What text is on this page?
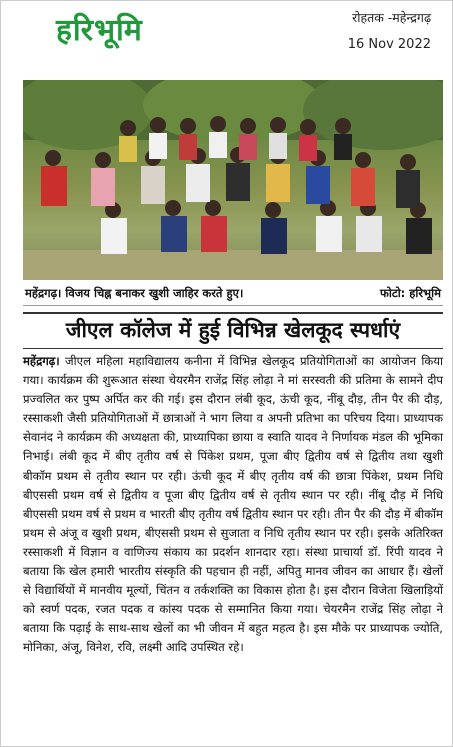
हरिभूमि	रोहतक -महेन्द्रगढ़
16 Nov 2022
महेंद्रगढ़। विजय चिह्न बनाकर खुशी जाहिर करते हुए।	फोटो: हरिभूमि
जीएल कॉलेज में हुई विभिन्न खेलकूद स्पर्धाएं
महेंद्रगढ़। जीएल महिला महाविद्यालय कनीना में विभिन्न खेलकूद प्रतियोगिताओं का आयोजन किया गया। कार्यक्रम की शुरूआत संस्था चेयरमैन राजेंद्र सिंह लोढ़ा ने मां सरस्वती की प्रतिमा के सामने दीप प्रज्वलित कर पुष्प अर्पित कर की गई। इस दौरान लंबी कूद, ऊंची कूद, नींबू दौड़, तीन पैर की दौड़, रस्साकशी जैसी प्रतियोगिताओं में छात्राओं ने भाग लिया व अपनी प्रतिभा का परिचय दिया। प्राध्यापक सेवानंद ने कार्यक्रम की अध्यक्षता की, प्राध्यापिका छाया व स्वाति यादव ने निर्णायक मंडल की भूमिका निभाई। लंबी कूद में बीए तृतीय वर्ष से पिंकेश प्रथम, पूजा बीए द्वितीय वर्ष से द्वितीय तथा खुशी बीकॉम प्रथम से तृतीय स्थान पर रही। ऊंची कूद में बीए तृतीय वर्ष की छात्रा पिंकेश, प्रथम निधि बीएससी प्रथम वर्ष से द्वितीय व पूजा बीए द्वितीय वर्ष से तृतीय स्थान पर रही। नींबू दौड़ में निधि बीएससी प्रथम वर्ष से प्रथम व भारती बीए तृतीय वर्ष द्वितीय स्थान पर रही। तीन पैर की दौड़ में बीकॉम प्रथम से अंजू व खुशी प्रथम, बीएससी प्रथम से सुजाता व निधि तृतीय स्थान पर रही। इसके अतिरिक्त रस्साकशी में विज्ञान व वाणिज्य संकाय का प्रदर्शन शानदार रहा। संस्था प्राचार्या डॉ. रिंपी यादव ने बताया कि खेल हमारी भारतीय संस्कृति की पहचान ही नहीं, अपितु मानव जीवन का आधार हैं। खेलों से विद्यार्थियों में मानवीय मूल्यों, चिंतन व तर्कशक्ति का विकास होता है। इस दौरान विजेता खिलाड़ियों को स्वर्ण पदक, रजत पदक व कांस्य पदक से सम्मानित किया गया। चेयरमैन राजेंद्र सिंह लोढ़ा ने बताया कि पढ़ाई के साथ-साथ खेलों का भी जीवन में बहुत महत्व है। इस मौके पर प्राध्यापक ज्योति, मोनिका, अंजू, विनेश, रवि, लक्ष्मी आदि उपस्थित रहे।
